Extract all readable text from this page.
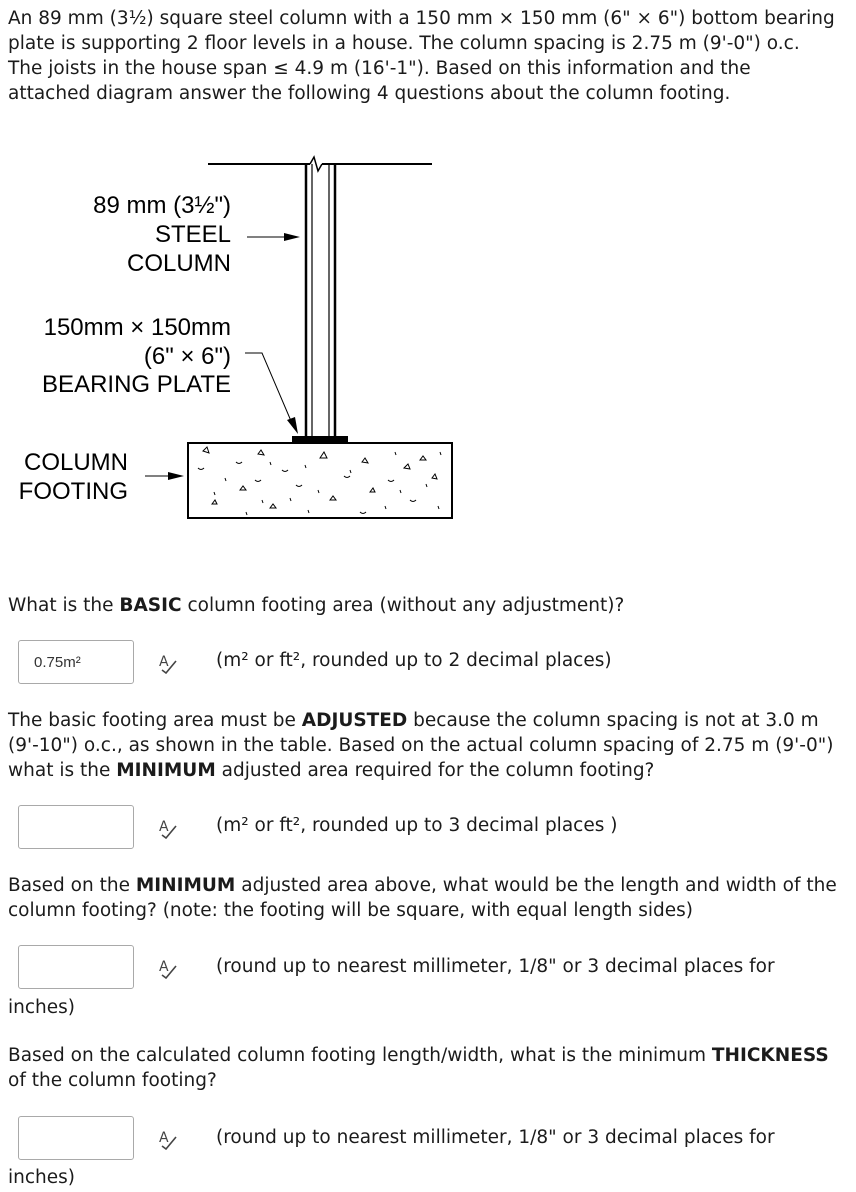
An 89 mm (3½) square steel column with a 150 mm × 150 mm (6" × 6") bottom bearing plate is supporting 2 floor levels in a house. The column spacing is 2.75 m (9'-0") o.c. The joists in the house span ≤ 4.9 m (16'-1"). Based on this information and the attached diagram answer the following 4 questions about the column footing.

89 mm (3½")
STEEL
COLUMN
150mm × 150mm
(6" × 6")
BEARING PLATE
COLUMN
FOOTING

What is the BASIC column footing area (without any adjustment)?

0.75m²
A	(m² or ft², rounded up to 2 decimal places)

The basic footing area must be ADJUSTED because the column spacing is not at 3.0 m (9'-10") o.c., as shown in the table. Based on the actual column spacing of 2.75 m (9'-0") what is the MINIMUM adjusted area required for the column footing?

A	(m² or ft², rounded up to 3 decimal places )

Based on the MINIMUM adjusted area above, what would be the length and width of the column footing? (note: the footing will be square, with equal length sides)

A	(round up to nearest millimeter, 1/8" or 3 decimal places for
inches)

Based on the calculated column footing length/width, what is the minimum THICKNESS of the column footing?

A	(round up to nearest millimeter, 1/8" or 3 decimal places for
inches)
